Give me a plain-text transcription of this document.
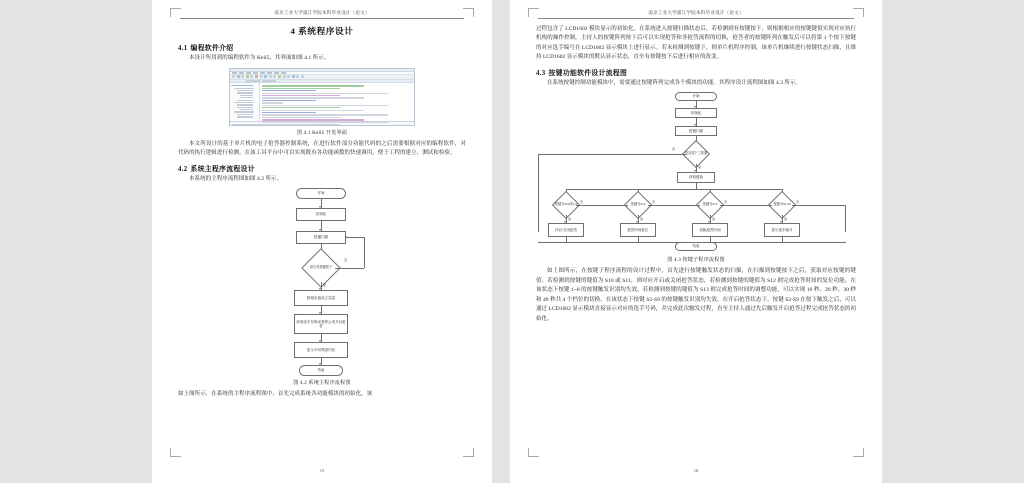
南京工业大学浦江学院本科毕业设计（论文）
4 系统程序设计
4.1 编程软件介绍

本设计所用到的编程软件为 Keil5，其界面如图 4.1 所示。

图 4.1 Keil5 开发界面

本文所设计的基于单片机的电子抢答器控制系统，在进行软件部分功能代码的之后需要根据对应的编程软件，对代码的执行逻辑进行检测。在该工具平台中可以实现既有各功能函数的快速调用，便于工程的建立、测试和检验。

4.2 系统主程序流程设计

本系统的主程序流程图如图 4.2 所示。

开始
初始化
按键扫描
是否有按键按下
否
是
按相应值设立变量
获取选手号码或者停止或开启抢答
显示不同界面内容
结束
图 4.2 系统主程序流程图

如上图所示，在系统的主程序流程图中，首先完成系统各功能模块的初始化，该

15
南京工业大学浦江学院本科毕业设计（论文）

过程包含了 LCD1602 模块显示的初始化。在系统进入按键扫描状态后，若检测到有按键按下，则根据相应的按键键值实现对应执行机构的操作控制。主持人的按键阵列按下后可以实现抢答和非抢答流程的切换，抢答者的按键阵列在触发后可以将第 1 个按下按键的对应选手编号在 LCD1602 显示模块上进行显示。若未检测到按键下，则单片机程序控制，该单片机继续进行按键状态扫描，且维持 LCD1602 显示模块的默认显示状态，直至有按键按下后进行相应的改变。

4.3 按键功能软件设计流程图

在系统按键控制功能模块中，需要通过按键阵列完成各个模块的功能。其程序设计流程图如图 4.3 所示。

开始
初始化
按键扫描
是否按下了按键
否
是
获取键值
按键为S10或S11	按键为S12	按键为S13	按键为S2-S9
否	否	否	否
是	是	是	是
开启/关闭抢答	抢答时间复位	切换抢答时间	显示选手编号
结束
图 4.3 按键子程序流程图

如上图所示，在按键子程序流程的设计过程中，首先进行按键触发状态的扫描，在扫描到按键按下之后，获取对应按键的键值。若检测到按键的键值为 S10 或 S11，则对应开启或关闭抢答状态，若检测到按键的键值为 S12 则完成抢答时间的复位功能，在该状态下按键 1~8 的按键触发识别均失效，若检测到按键的键值为 S13 则完成抢答时间的调整功能，可以实现 10 秒、20 秒、30 秒和 40 秒共 4 个档位的切换。在该状态下按键 S2-S9 的按键触发识别均失效。在开启抢答状态下，按键 S2-S9 在按下触发之后，可以通过 LCD1602 显示模块直接显示对应的选手号码，并完成此次触发过程，直至主持人通过先后触发开启抢答过程完成抢答状态的初始化。

16
